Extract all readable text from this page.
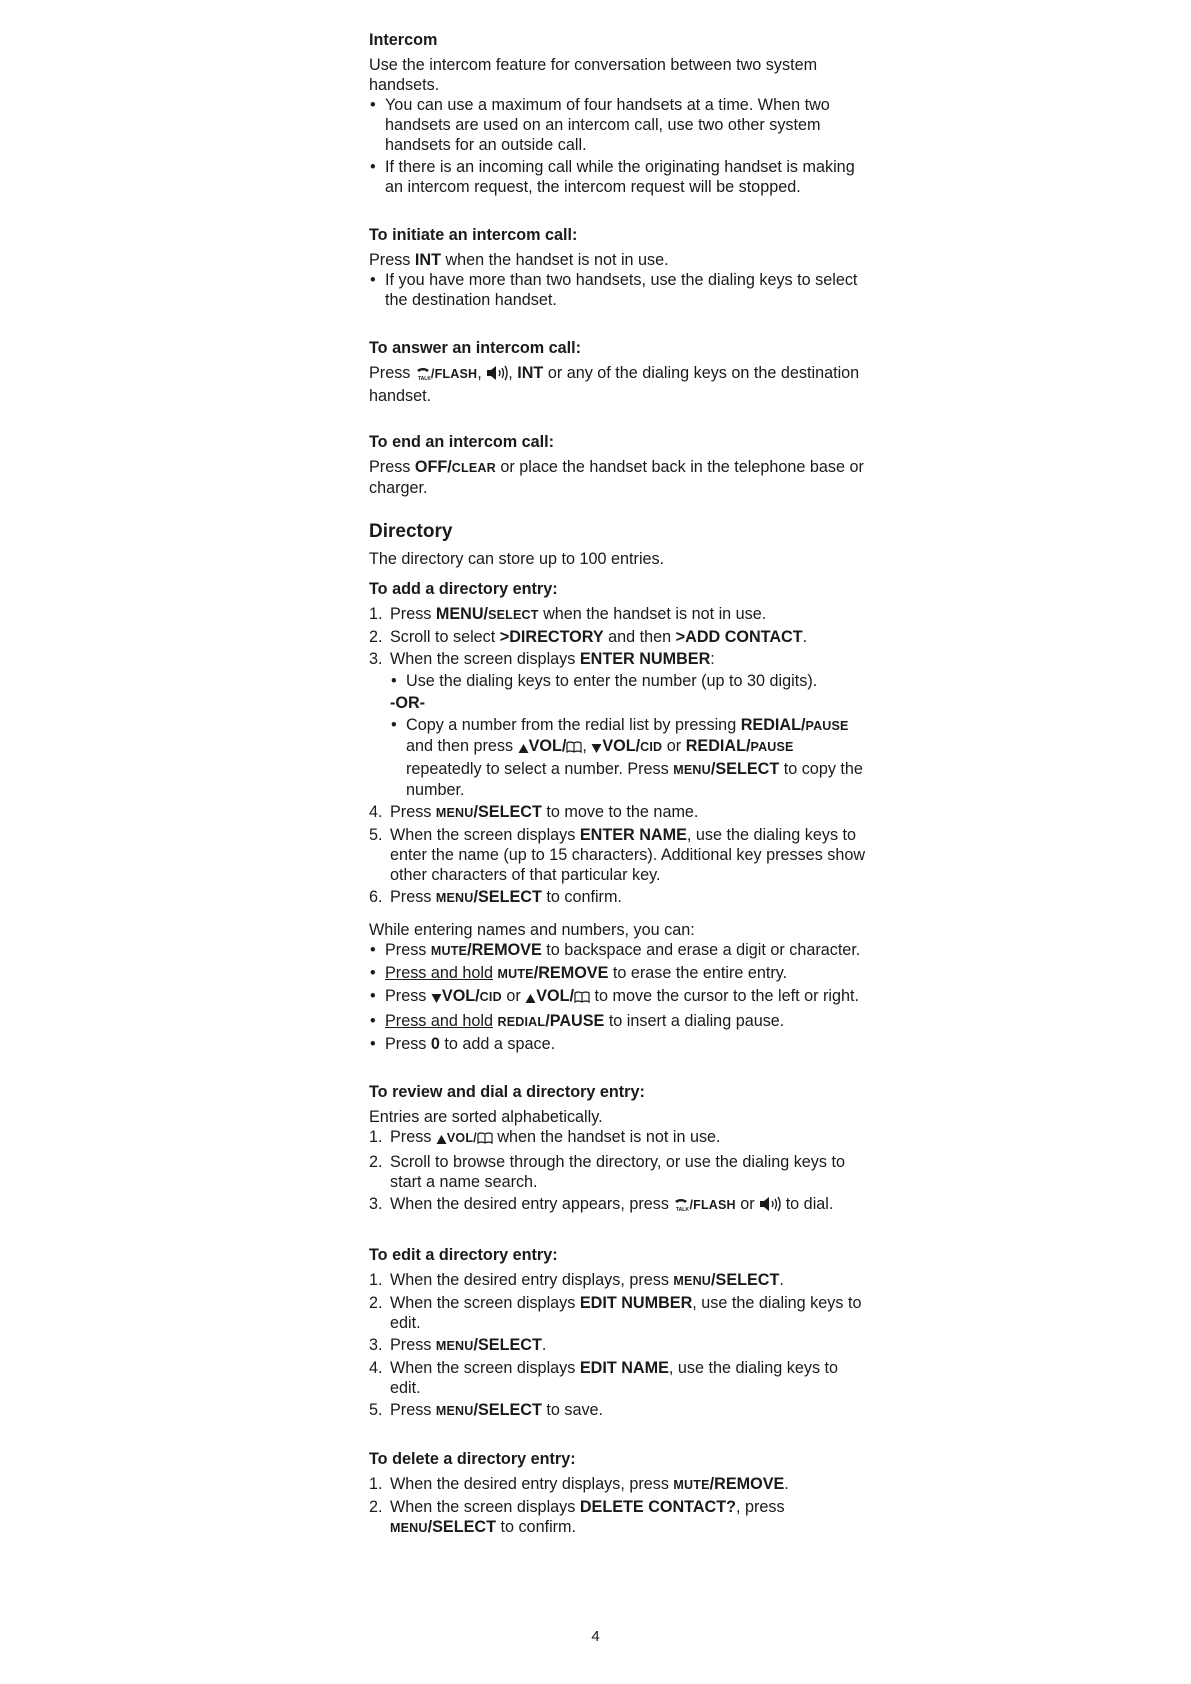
Intercom

Use the intercom feature for conversation between two system handsets.

• You can use a maximum of four handsets at a time. When two handsets are used on an intercom call, use two other system handsets for an outside call.
• If there is an incoming call while the originating handset is making an intercom request, the intercom request will be stopped.
To initiate an intercom call:

Press INT when the handset is not in use.

• If you have more than two handsets, use the dialing keys to select the destination handset.
To answer an intercom call:

Press TALK /FLASH, , INT or any of the dialing keys on the destination handset.

To end an intercom call:

Press OFF/CLEAR or place the handset back in the telephone base or charger.

Directory

The directory can store up to 100 entries.

To add a directory entry:
1. Press MENU/SELECT when the handset is not in use.
2. Scroll to select >DIRECTORY and then >ADD CONTACT.
3. When the screen displays ENTER NUMBER:
• Use the dialing keys to enter the number (up to 30 digits).
-OR-
• Copy a number from the redial list by pressing REDIAL/PAUSE and then press VOL/ , VOL/CID or REDIAL/PAUSE repeatedly to select a number. Press MENU/SELECT to copy the number.
4. Press MENU/SELECT to move to the name.
5. When the screen displays ENTER NAME, use the dialing keys to enter the name (up to 15 characters). Additional key presses show other characters of that particular key.
6. Press MENU/SELECT to confirm.

While entering names and numbers, you can:

• Press MUTE/REMOVE to backspace and erase a digit or character.
• Press and hold MUTE/REMOVE to erase the entire entry.
• Press VOL/CID or VOL/ to move the cursor to the left or right.
• Press and hold REDIAL/PAUSE to insert a dialing pause.
• Press 0 to add a space.
To review and dial a directory entry:

Entries are sorted alphabetically.

1. Press VOL/ when the handset is not in use.
2. Scroll to browse through the directory, or use the dialing keys to start a name search.
3. When the desired entry appears, press TALK /FLASH or to dial.
To edit a directory entry:
1. When the desired entry displays, press MENU/SELECT.
2. When the screen displays EDIT NUMBER, use the dialing keys to edit.
3. Press MENU/SELECT.
4. When the screen displays EDIT NAME, use the dialing keys to edit.
5. Press MENU/SELECT to save.
To delete a directory entry:
1. When the desired entry displays, press MUTE/REMOVE.
2. When the screen displays DELETE CONTACT?, press MENU/SELECT to confirm.
4
